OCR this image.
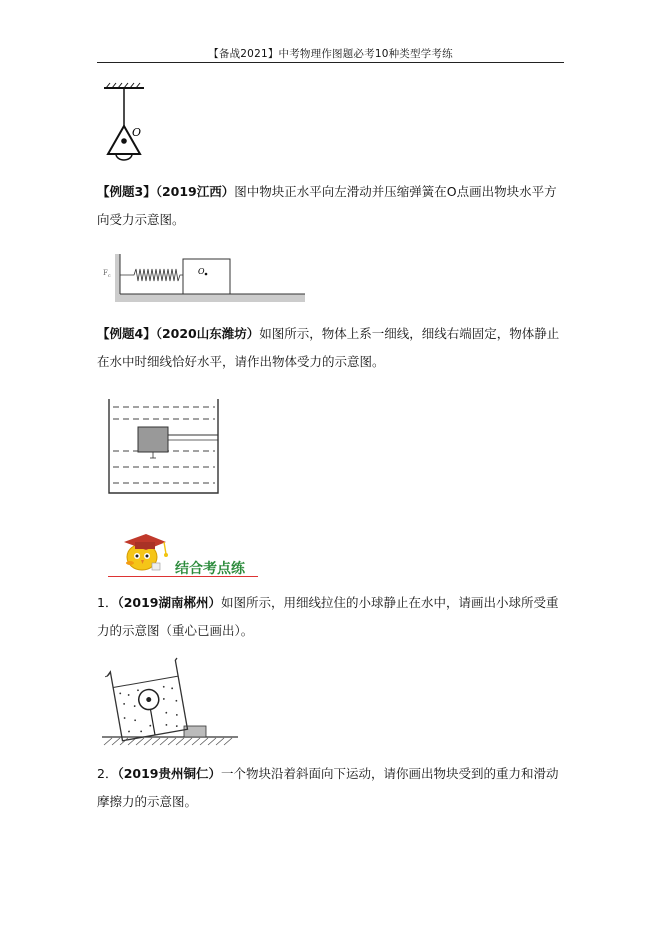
【备战2021】中考物理作图题必考10种类型学考练
O
【例题3】（2019江西）图中物块正水平向左滑动并压缩弹簧在O点画出物块水平方向受力示意图。
$F_c$	O
【例题4】（2020山东潍坊）如图所示，物体上系一细线，细线右端固定，物体静止在水中时细线恰好水平，请作出物体受力的示意图。
结合考点练
1．（2019湖南郴州）如图所示，用细线拉住的小球静止在水中，请画出小球所受重力的示意图（重心已画出）。
2．（2019贵州铜仁）一个物块沿着斜面向下运动，请你画出物块受到的重力和滑动摩擦力的示意图。
